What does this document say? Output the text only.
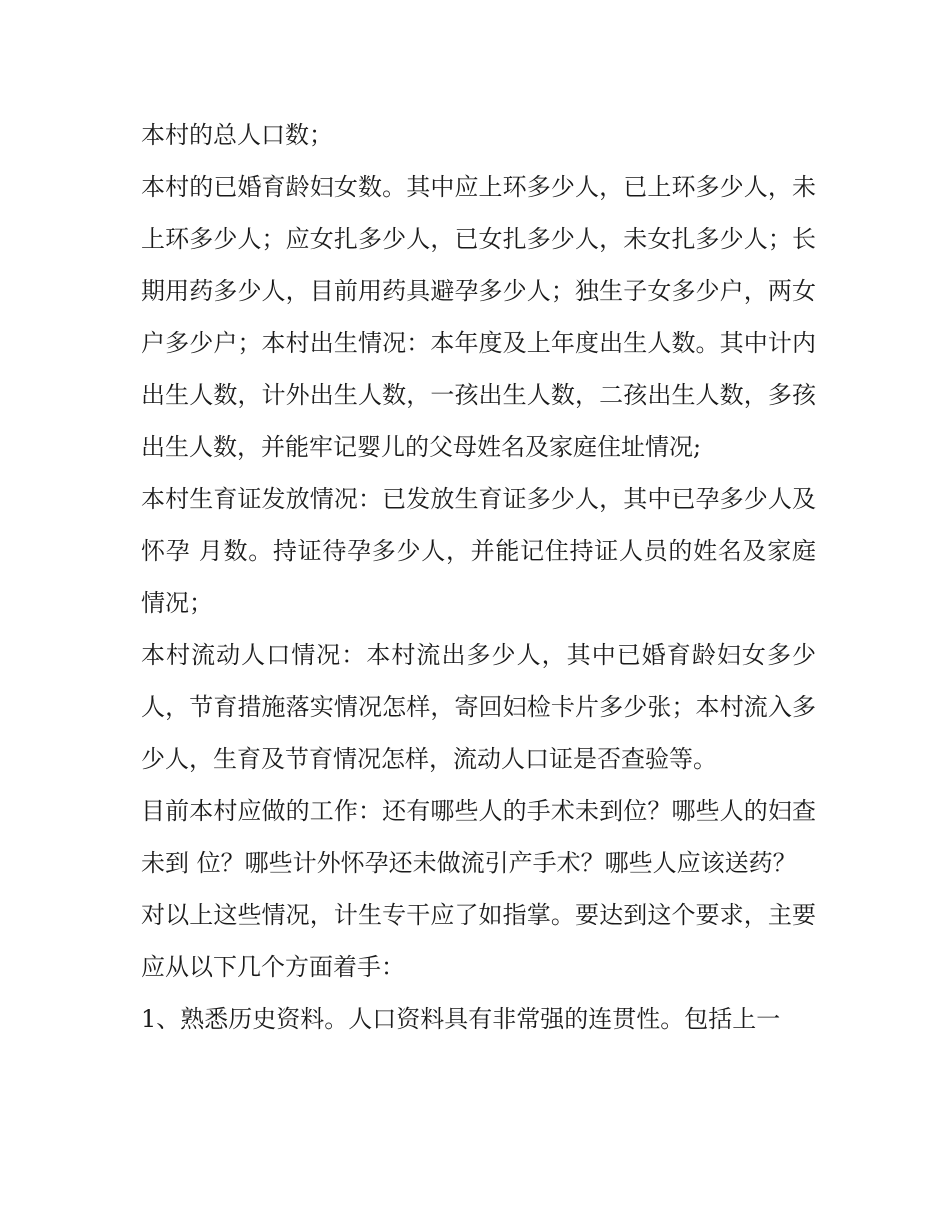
本村的总人口数；

本村的已婚育龄妇女数。其中应上环多少人，已上环多少人，未上环多少人；应女扎多少人，已女扎多少人，未女扎多少人；长期用药多少人，目前用药具避孕多少人；独生子女多少户，两女户多少户；本村出生情况：本年度及上年度出生人数。其中计内出生人数，计外出生人数，一孩出生人数，二孩出生人数，多孩出生人数，并能牢记婴儿的父母姓名及家庭住址情况;

本村生育证发放情况：已发放生育证多少人，其中已孕多少人及怀孕 月数。持证待孕多少人，并能记住持证人员的姓名及家庭情况；

本村流动人口情况：本村流出多少人，其中已婚育龄妇女多少人，节育措施落实情况怎样，寄回妇检卡片多少张；本村流入多少人，生育及节育情况怎样，流动人口证是否查验等。

目前本村应做的工作：还有哪些人的手术未到位？哪些人的妇查未到 位？哪些计外怀孕还未做流引产手术？哪些人应该送药？

对以上这些情况，计生专干应了如指掌。要达到这个要求，主要应从以下几个方面着手：

1、熟悉历史资料。人口资料具有非常强的连贯性。包括上一
